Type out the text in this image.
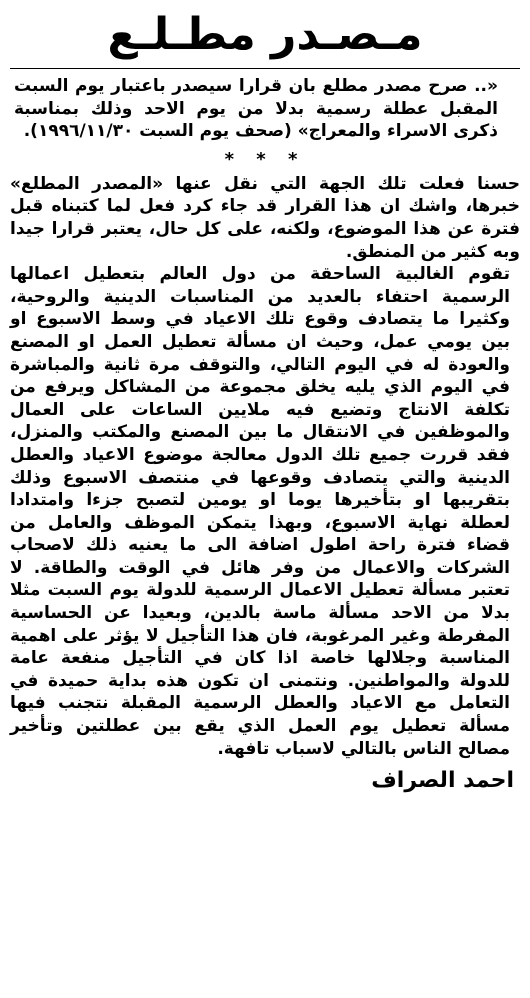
مـصـدر مطـلـع

«.. صرح مصدر مطلع بان قرارا سيصدر باعتبار يوم السبت المقبل عطلة رسمية بدلا من يوم الاحد وذلك بمناسبة ذكرى الاسراء والمعراج» (صحف يوم السبت ١٩٩٦/١١/٣٠).

* * *

حسنا فعلت تلك الجهة التي نقل عنها «المصدر المطلع» خبرها، واشك ان هذا القرار قد جاء كرد فعل لما كتبناه قبل فترة عن هذا الموضوع، ولكنه، على كل حال، يعتبر قرارا جيدا وبه كثير من المنطق.

تقوم الغالبية الساحقة من دول العالم بتعطيل اعمالها الرسمية احتفاء بالعديد من المناسبات الدينية والروحية، وكثيرا ما يتصادف وقوع تلك الاعياد في وسط الاسبوع او بين يومي عمل، وحيث ان مسألة تعطيل العمل او المصنع والعودة له في اليوم التالي، والتوقف مرة ثانية والمباشرة في اليوم الذي يليه يخلق مجموعة من المشاكل ويرفع من تكلفة الانتاج وتضيع فيه ملايين الساعات على العمال والموظفين في الانتقال ما بين المصنع والمكتب والمنزل، فقد قررت جميع تلك الدول معالجة موضوع الاعياد والعطل الدينية والتي يتصادف وقوعها في منتصف الاسبوع وذلك بتقريبها او بتأخيرها يوما او يومين لتصبح جزءا وامتدادا لعطلة نهاية الاسبوع، وبهذا يتمكن الموظف والعامل من قضاء فترة راحة اطول اضافة الى ما يعنيه ذلك لاصحاب الشركات والاعمال من وفر هائل في الوقت والطاقة. لا تعتبر مسألة تعطيل الاعمال الرسمية للدولة يوم السبت مثلا بدلا من الاحد مسألة ماسة بالدين، وبعيدا عن الحساسية المفرطة وغير المرغوبة، فان هذا التأجيل لا يؤثر على اهمية المناسبة وجلالها خاصة اذا كان في التأجيل منفعة عامة للدولة والمواطنين. ونتمنى ان تكون هذه بداية حميدة في التعامل مع الاعياد والعطل الرسمية المقبلة نتجنب فيها مسألة تعطيل يوم العمل الذي يقع بين عطلتين وتأخير مصالح الناس بالتالي لاسباب تافهة.

احمد الصراف
